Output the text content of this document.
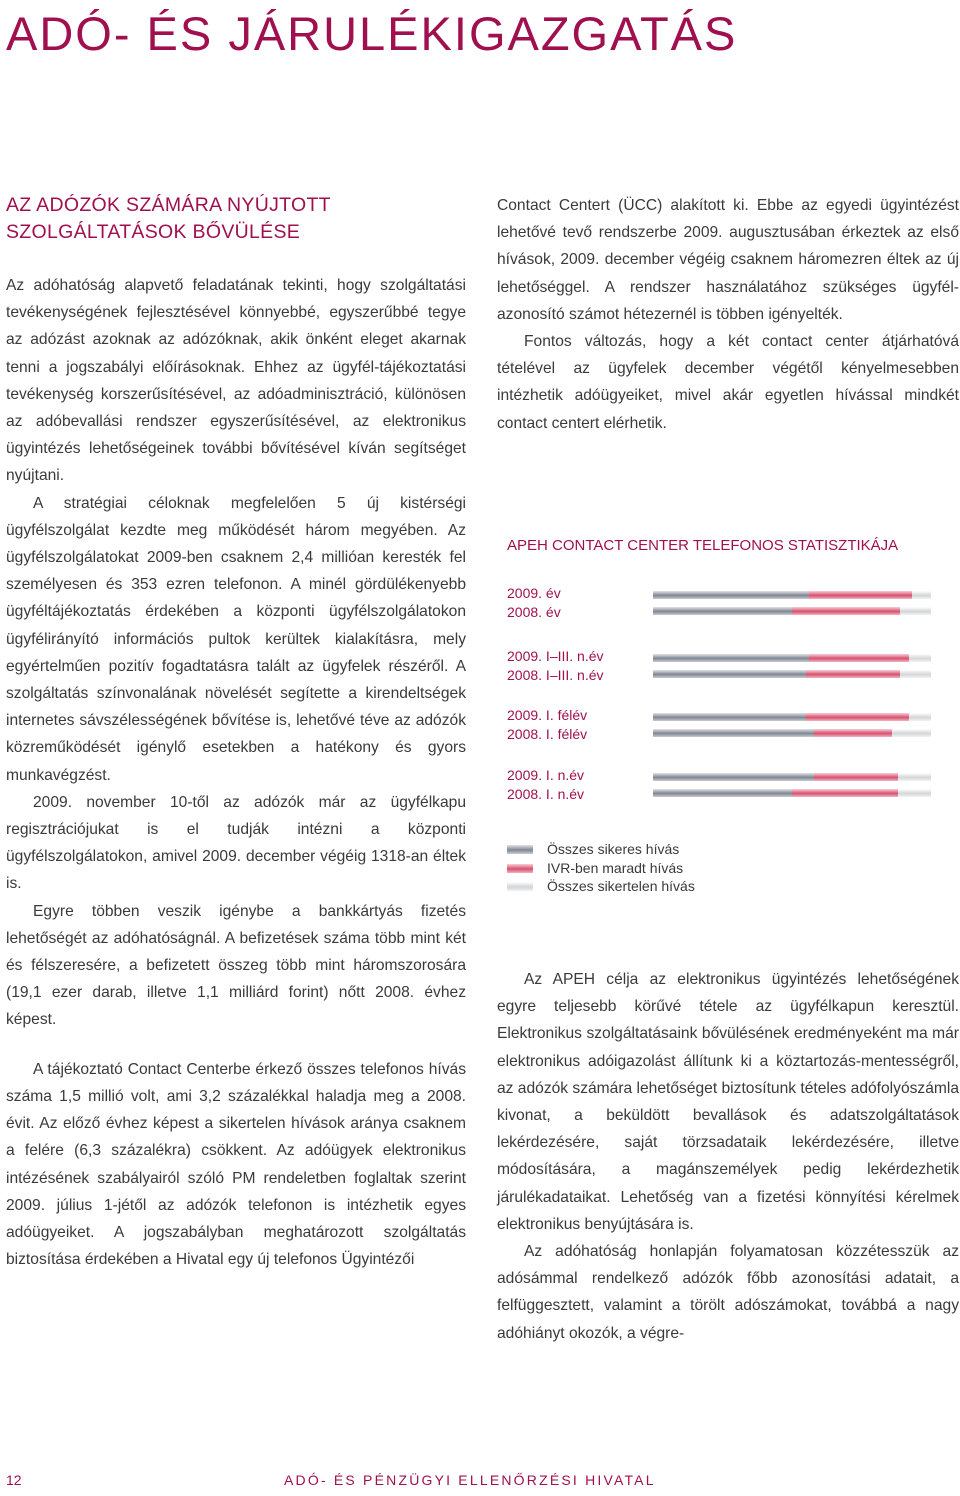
ADÓ- ÉS JÁRULÉKIGAZGATÁS
AZ ADÓZÓK SZÁMÁRA NYÚJTOTT
SZOLGÁLTATÁSOK BŐVÜLÉSE

Az adóhatóság alapvető feladatának tekinti, hogy szolgáltatási tevékenységének fejlesztésével könnyebbé, egyszerűbbé tegye az adózást azoknak az adózóknak, akik önként eleget akarnak tenni a jogszabályi előírásoknak. Ehhez az ügyfél-tájékoztatási tevékenység korszerűsítésével, az adóadminisztráció, különösen az adóbevallási rendszer egyszerűsítésével, az elektronikus ügyintézés lehetőségeinek további bővítésével kíván segítséget nyújtani.

A stratégiai céloknak megfelelően 5 új kistérségi ügyfélszolgálat kezdte meg működését három megyében. Az ügyfélszolgálatokat 2009-ben csaknem 2,4 millióan keresték fel személyesen és 353 ezren telefonon. A minél gördülékenyebb ügyféltájékoztatás érdekében a központi ügyfélszolgálatokon ügyfélirányító információs pultok kerültek kialakításra, mely egyértelműen pozitív fogadtatásra talált az ügyfelek részéről. A szolgáltatás színvonalának növelését segítette a kirendeltségek internetes sávszélességének bővítése is, lehetővé téve az adózók közreműködését igénylő esetekben a hatékony és gyors munkavégzést.

2009. november 10-től az adózók már az ügyfélkapu regisztrációjukat is el tudják intézni a központi ügyfélszolgálatokon, amivel 2009. december végéig 1318-an éltek is.

Egyre többen veszik igénybe a bankkártyás fizetés lehetőségét az adóhatóságnál. A befizetések száma több mint két és félszeresére, a befizetett összeg több mint háromszorosára (19,1 ezer darab, illetve 1,1 milliárd forint) nőtt 2008. évhez képest.

A tájékoztató Contact Centerbe érkező összes telefonos hívás száma 1,5 millió volt, ami 3,2 százalékkal haladja meg a 2008. évit. Az előző évhez képest a sikertelen hívások aránya csaknem a felére (6,3 százalékra) csökkent. Az adóügyek elektronikus intézésének szabályairól szóló PM rendeletben foglaltak szerint 2009. július 1-jétől az adózók telefonon is intézhetik egyes adóügyeiket. A jogszabályban meghatározott szolgáltatás biztosítása érdekében a Hivatal egy új telefonos Ügyintézői

Contact Centert (ÜCC) alakított ki. Ebbe az egyedi ügyintézést lehetővé tevő rendszerbe 2009. augusztusában érkeztek az első hívások, 2009. december végéig csaknem háromezren éltek az új lehetőséggel. A rendszer használatához szükséges ügyfél-azonosító számot hétezernél is többen igényelték.

Fontos változás, hogy a két contact center átjárhatóvá tételével az ügyfelek december végétől kényelmesebben intézhetik adóügyeiket, mivel akár egyetlen hívással mindkét contact centert elérhetik.

APEH CONTACT CENTER TELEFONOS STATISZTIKÁJA
2009. év
2008. év
2009. I–III. n.év
2008. I–III. n.év
2009. I. félév
2008. I. félév
2009. I. n.év
2008. I. n.év
Összes sikeres hívás
IVR-ben maradt hívás
Összes sikertelen hívás

Az APEH célja az elektronikus ügyintézés lehetőségének egyre teljesebb körűvé tétele az ügyfélkapun keresztül. Elektronikus szolgáltatásaink bővülésének eredményeként ma már elektronikus adóigazolást állítunk ki a köztartozás-mentességről, az adózók számára lehetőséget biztosítunk tételes adófolyószámla kivonat, a beküldött bevallások és adatszolgáltatások lekérdezésére, saját törzsadataik lekérdezésére, illetve módosítására, a magánszemélyek pedig lekérdezhetik járulékadataikat. Lehetőség van a fizetési könnyítési kérelmek elektronikus benyújtására is.

Az adóhatóság honlapján folyamatosan közzétesszük az adósámmal rendelkező adózók főbb azonosítási adatait, a felfüggesztett, valamint a törölt adószámokat, továbbá a nagy adóhiányt okozók, a végre-

12	ADÓ- ÉS PÉNZÜGYI ELLENŐRZÉSI HIVATAL
